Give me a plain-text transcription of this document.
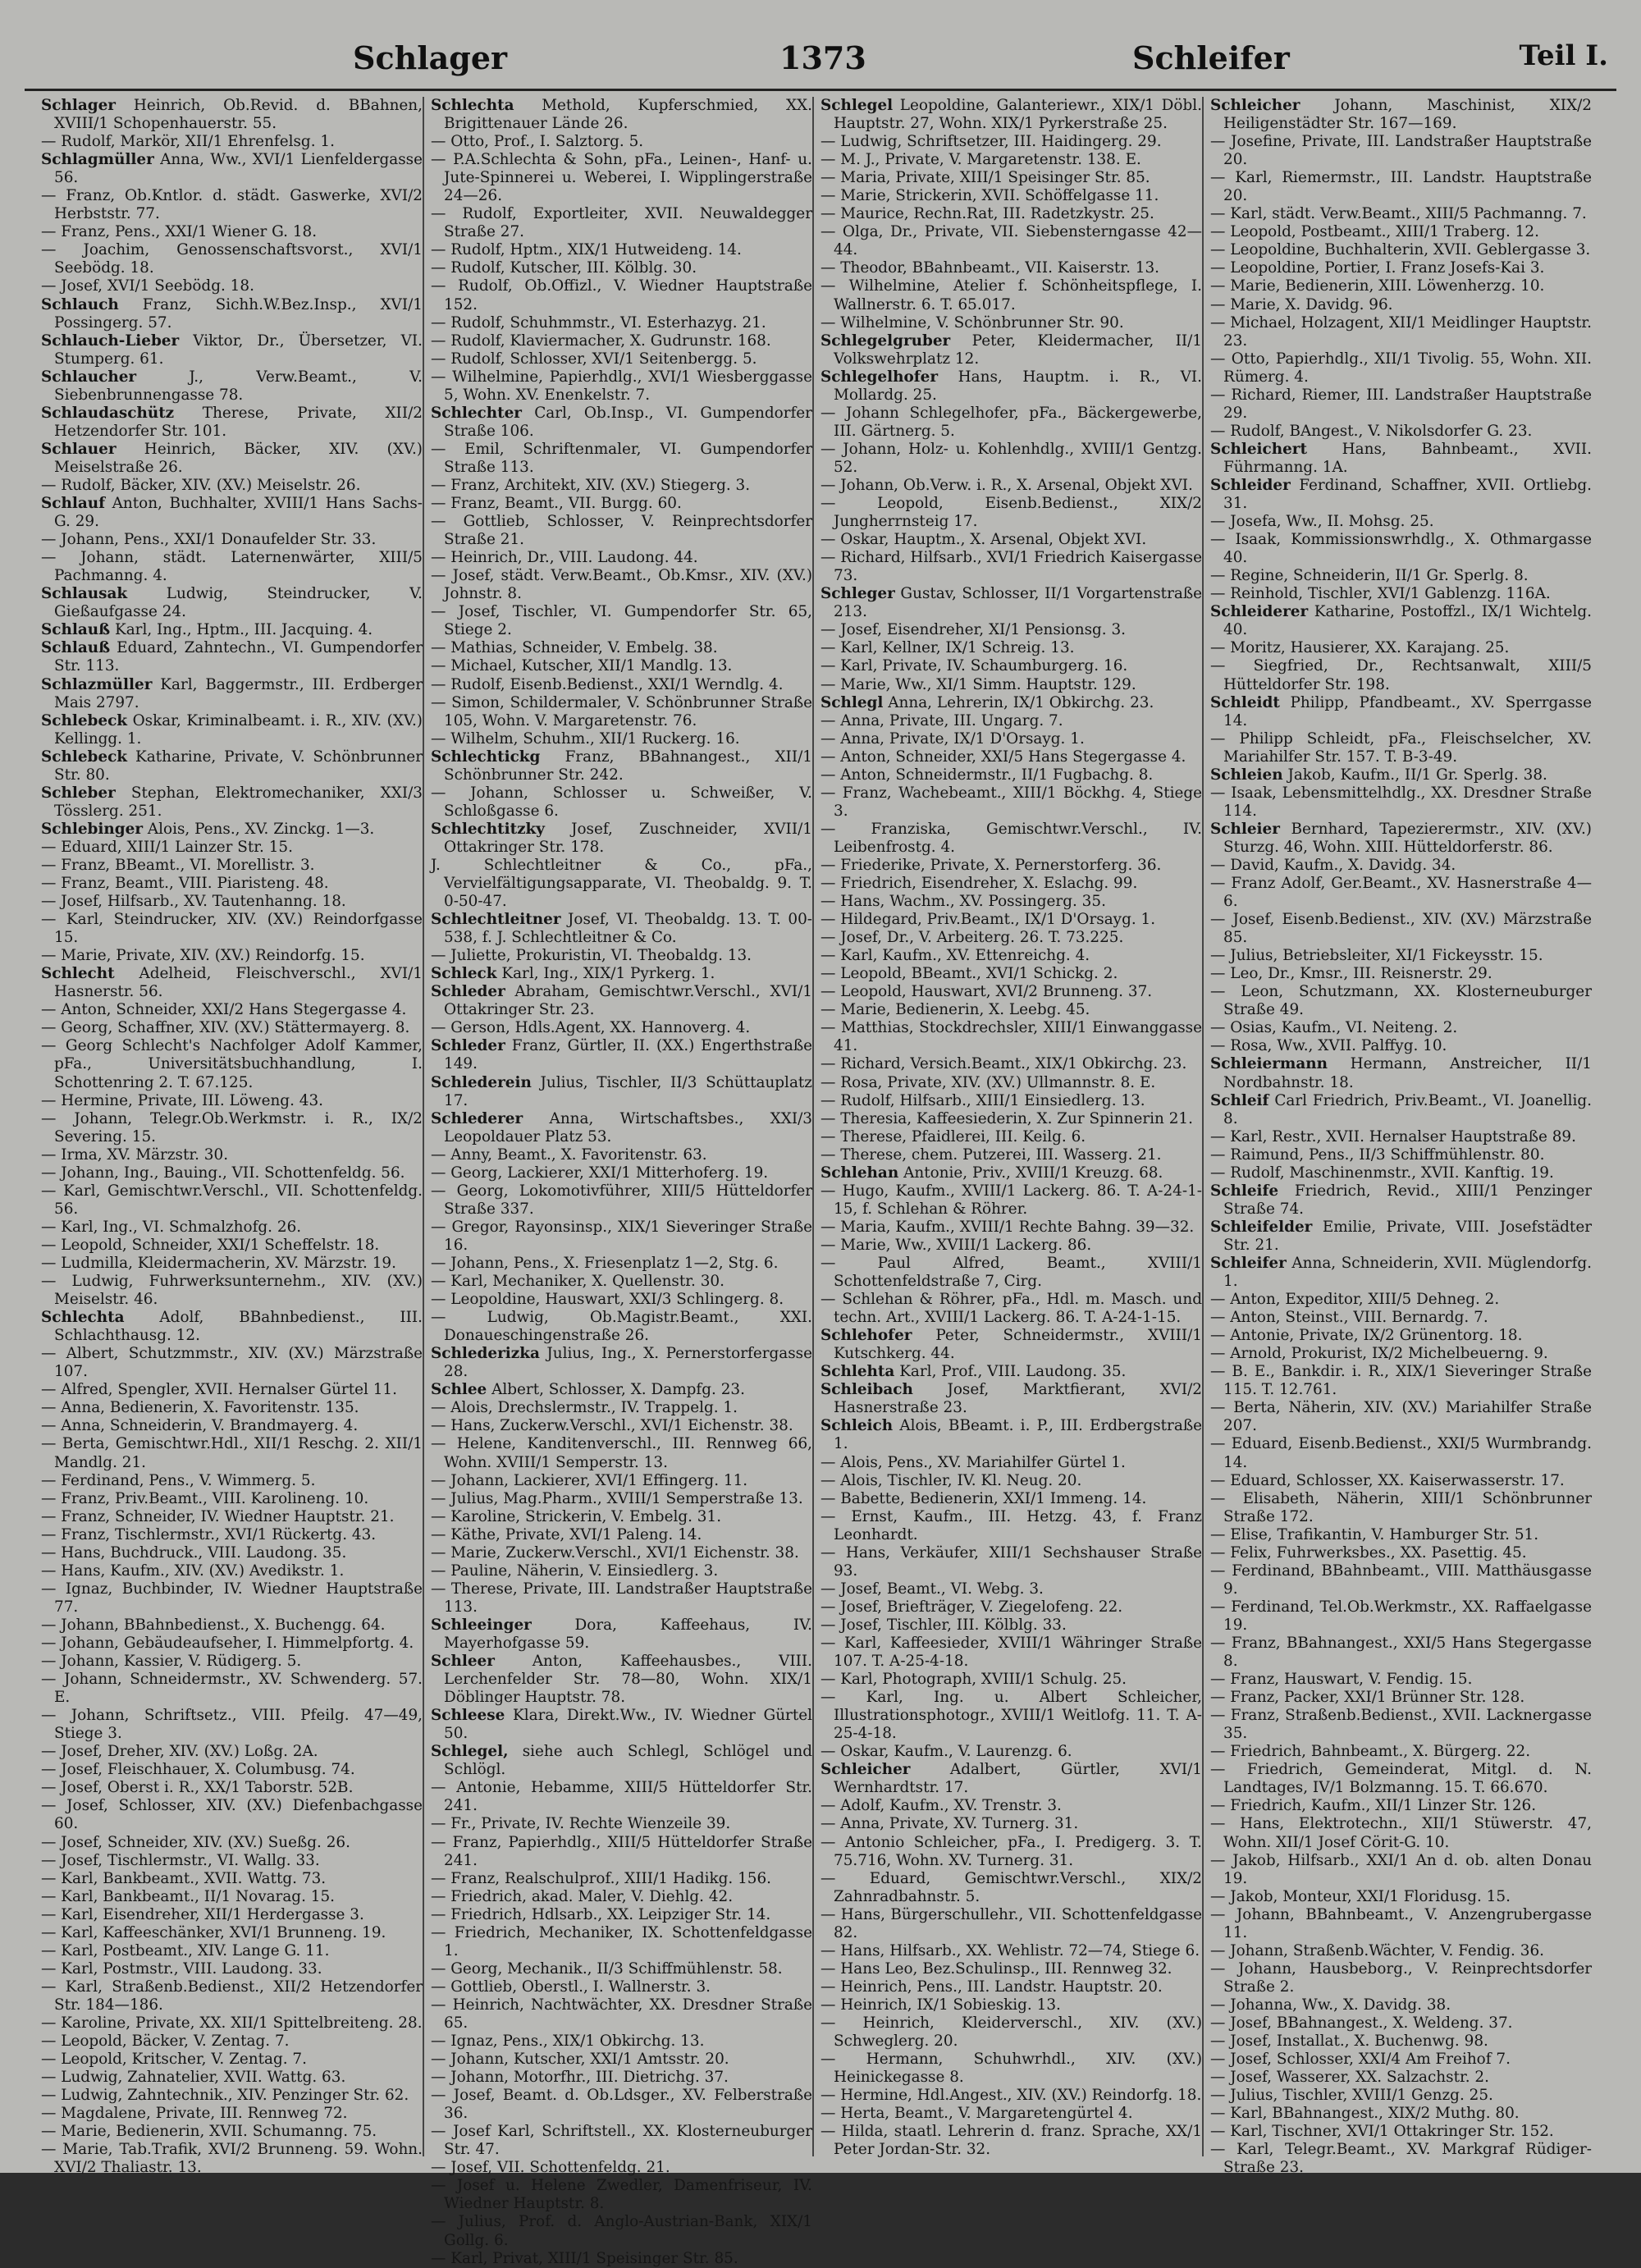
Schlager	1373	Schleifer	Teil I.

Schlager Heinrich, Ob.Revid. d. BBahnen, XVIII/1 Schopenhauerstr. 55.

— Rudolf, Markör, XII/1 Ehrenfelsg. 1.

Schlagmüller Anna, Ww., XVI/1 Lienfeldergasse 56.

— Franz, Ob.Kntlor. d. städt. Gaswerke, XVI/2 Herbststr. 77.

— Franz, Pens., XXI/1 Wiener G. 18.

— Joachim, Genossenschaftsvorst., XVI/1 Seebödg. 18.

— Josef, XVI/1 Seebödg. 18.

Schlauch Franz, Sichh.W.Bez.Insp., XVI/1 Possingerg. 57.

Schlauch-Lieber Viktor, Dr., Übersetzer, VI. Stumperg. 61.

Schlaucher	J., Verw.Beamt., V. Siebenbrunnengasse 78.

Schlaudaschütz Therese, Private, XII/2 Hetzendorfer Str. 101.

Schlauer Heinrich, Bäcker, XIV. (XV.) Meiselstraße 26.

— Rudolf, Bäcker, XIV. (XV.) Meiselstr. 26.

Schlauf Anton, Buchhalter, XVIII/1 Hans Sachs-G. 29.

— Johann, Pens., XXI/1 Donaufelder Str. 33.

— Johann, städt. Laternenwärter, XIII/5 Pachmanng. 4.

Schlausak	Ludwig, Steindrucker, V. Gießaufgasse 24.

Schlauß Karl, Ing., Hptm., III. Jacquing. 4.

Schlauß Eduard, Zahntechn., VI. Gumpendorfer Str. 113.

Schlazmüller Karl, Baggermstr., III. Erdberger Mais 2797.

Schlebeck Oskar, Kriminalbeamt. i. R., XIV. (XV.) Kellingg. 1.

Schlebeck Katharine, Private, V. Schönbrunner Str. 80.

Schleber Stephan, Elektromechaniker, XXI/3 Tösslerg. 251.

Schlebinger Alois, Pens., XV. Zinckg. 1—3.

— Eduard, XIII/1 Lainzer Str. 15.

— Franz, BBeamt., VI. Morellistr. 3.

— Franz, Beamt., VIII. Piaristeng. 48.

— Josef, Hilfsarb., XV. Tautenhanng. 18.

— Karl, Steindrucker, XIV. (XV.) Reindorfgasse 15.

— Marie, Private, XIV. (XV.) Reindorfg. 15.

Schlecht Adelheid, Fleischverschl., XVI/1 Hasnerstr. 56.

— Anton, Schneider, XXI/2 Hans Stegergasse 4.

— Georg, Schaffner, XIV. (XV.) Stättermayerg. 8.

— Georg Schlecht's Nachfolger Adolf Kammer, pFa., Universitätsbuchhandlung, I. Schottenring 2. T. 67.125.

— Hermine, Private, III. Löweng. 43.

— Johann, Telegr.Ob.Werkmstr. i. R., IX/2 Severing. 15.

— Irma, XV. Märzstr. 30.

— Johann, Ing., Bauing., VII. Schottenfeldg. 56.

— Karl, Gemischtwr.Verschl., VII. Schottenfeldg. 56.

— Karl, Ing., VI. Schmalzhofg. 26.

— Leopold, Schneider, XXI/1 Scheffelstr. 18.

— Ludmilla, Kleidermacherin, XV. Märzstr. 19.

— Ludwig, Fuhrwerksunternehm., XIV. (XV.) Meiselstr. 46.

Schlechta Adolf, BBahnbedienst., III. Schlachthausg. 12.

— Albert, Schutzmmstr., XIV. (XV.) Märzstraße 107.

— Alfred, Spengler, XVII. Hernalser Gürtel 11.

— Anna, Bedienerin, X. Favoritenstr. 135.

— Anna, Schneiderin, V. Brandmayerg. 4.

— Berta, Gemischtwr.Hdl., XII/1 Reschg. 2. XII/1 Mandlg. 21.

— Ferdinand, Pens., V. Wimmerg. 5.

— Franz, Priv.Beamt., VIII. Karolineng. 10.

— Franz, Schneider, IV. Wiedner Hauptstr. 21.

— Franz, Tischlermstr., XVI/1 Rückertg. 43.

— Hans, Buchdruck., VIII. Laudong. 35.

— Hans, Kaufm., XIV. (XV.) Avedikstr. 1.

— Ignaz, Buchbinder, IV. Wiedner Hauptstraße 77.

— Johann, BBahnbedienst., X. Buchengg. 64.

— Johann, Gebäudeaufseher, I. Himmelpfortg. 4.

— Johann, Kassier, V. Rüdigerg. 5.

— Johann, Schneidermstr., XV. Schwenderg. 57. E.

— Johann, Schriftsetz., VIII. Pfeilg. 47—49, Stiege 3.

— Josef, Dreher, XIV. (XV.) Loßg. 2A.

— Josef, Fleischhauer, X. Columbusg. 74.

— Josef, Oberst i. R., XX/1 Taborstr. 52B.

— Josef, Schlosser, XIV. (XV.) Diefenbachgasse 60.

— Josef, Schneider, XIV. (XV.) Sueßg. 26.

— Josef, Tischlermstr., VI. Wallg. 33.

— Karl, Bankbeamt., XVII. Wattg. 73.

— Karl, Bankbeamt., II/1 Novarag. 15.

— Karl, Eisendreher, XII/1 Herdergasse 3.

— Karl, Kaffeeschänker, XVI/1 Brunneng. 19.

— Karl, Postbeamt., XIV. Lange G. 11.

— Karl, Postmstr., VIII. Laudong. 33.

— Karl, Straßenb.Bedienst., XII/2 Hetzendorfer Str. 184—186.

— Karoline, Private, XX. XII/1 Spittelbreiteng. 28.

— Leopold, Bäcker, V. Zentag. 7.

— Leopold, Kritscher, V. Zentag. 7.

— Ludwig, Zahnatelier, XVII. Wattg. 63.

— Ludwig, Zahntechnik., XIV. Penzinger Str. 62.

— Magdalene, Private, III. Rennweg 72.

— Marie, Bedienerin, XVII. Schumanng. 75.

— Marie, Tab.Trafik, XVI/2 Brunneng. 59. Wohn. XVI/2 Thaliastr. 13.

Schlechta Methold, Kupferschmied, XX. Brigittenauer Lände 26.

— Otto, Prof., I. Salztorg. 5.

— P.A.Schlechta & Sohn, pFa., Leinen-, Hanf- u. Jute-Spinnerei u. Weberei, I. Wipplingerstraße 24—26.

— Rudolf, Exportleiter, XVII. Neuwaldegger Straße 27.

— Rudolf, Hptm., XIX/1 Hutweideng. 14.

— Rudolf, Kutscher, III. Kölblg. 30.

— Rudolf, Ob.Offizl., V. Wiedner Hauptstraße 152.

— Rudolf, Schuhmmstr., VI. Esterhazyg. 21.

— Rudolf, Klaviermacher, X. Gudrunstr. 168.

— Rudolf, Schlosser, XVI/1 Seitenbergg. 5.

— Wilhelmine, Papierhdlg., XVI/1 Wiesberggasse 5, Wohn. XV. Enenkelstr. 7.

Schlechter Carl, Ob.Insp., VI. Gumpendorfer Straße 106.

— Emil, Schriftenmaler, VI. Gumpendorfer Straße 113.

— Franz, Architekt, XIV. (XV.) Stiegerg. 3.

— Franz, Beamt., VII. Burgg. 60.

— Gottlieb, Schlosser, V. Reinprechtsdorfer Straße 21.

— Heinrich, Dr., VIII. Laudong. 44.

— Josef, städt. Verw.Beamt., Ob.Kmsr., XIV. (XV.) Johnstr. 8.

— Josef, Tischler, VI. Gumpendorfer Str. 65, Stiege 2.

— Mathias, Schneider, V. Embelg. 38.

— Michael, Kutscher, XII/1 Mandlg. 13.

— Rudolf, Eisenb.Bedienst., XXI/1 Werndlg. 4.

— Simon, Schildermaler, V. Schönbrunner Straße 105, Wohn. V. Margaretenstr. 76.

— Wilhelm, Schuhm., XII/1 Ruckerg. 16.

Schlechtickg Franz, BBahnangest., XII/1 Schönbrunner Str. 242.

— Johann, Schlosser u. Schweißer, V. Schloßgasse 6.

Schlechtitzky Josef, Zuschneider, XVII/1 Ottakringer Str. 178.

J. Schlechtleitner & Co., pFa., Vervielfältigungsapparate, VI. Theobaldg. 9. T. 0-50-47.

Schlechtleitner Josef, VI. Theobaldg. 13. T. 00-538, f. J. Schlechtleitner & Co.

— Juliette, Prokuristin, VI. Theobaldg. 13.

Schleck Karl, Ing., XIX/1 Pyrkerg. 1.

Schleder Abraham, Gemischtwr.Verschl., XVI/1 Ottakringer Str. 23.

— Gerson, Hdls.Agent, XX. Hannoverg. 4.

Schleder Franz, Gürtler, II. (XX.) Engerthstraße 149.

Schlederein Julius, Tischler, II/3 Schüttauplatz 17.

Schlederer Anna, Wirtschaftsbes., XXI/3 Leopoldauer Platz 53.

— Anny, Beamt., X. Favoritenstr. 63.

— Georg, Lackierer, XXI/1 Mitterhoferg. 19.

— Georg, Lokomotivführer, XIII/5 Hütteldorfer Straße 337.

— Gregor, Rayonsinsp., XIX/1 Sieveringer Straße 16.

— Johann, Pens., X. Friesenplatz 1—2, Stg. 6.

— Karl, Mechaniker, X. Quellenstr. 30.

— Leopoldine, Hauswart, XXI/3 Schlingerg. 8.

— Ludwig, Ob.Magistr.Beamt., XXI. Donaueschingenstraße 26.

Schlederizka Julius, Ing., X. Pernerstorfergasse 28.

Schlee Albert, Schlosser, X. Dampfg. 23.

— Alois, Drechslermstr., IV. Trappelg. 1.

— Hans, Zuckerw.Verschl., XVI/1 Eichenstr. 38.

— Helene, Kanditenverschl., III. Rennweg 66, Wohn. XVIII/1 Semperstr. 13.

— Johann, Lackierer, XVI/1 Effingerg. 11.

— Julius, Mag.Pharm., XVIII/1 Semperstraße 13.

— Karoline, Strickerin, V. Embelg. 31.

— Käthe, Private, XVI/1 Paleng. 14.

— Marie, Zuckerw.Verschl., XVI/1 Eichenstr. 38.

— Pauline, Näherin, V. Einsiedlerg. 3.

— Therese, Private, III. Landstraßer Hauptstraße 113.

Schleeinger	Dora, Kaffeehaus, IV. Mayerhofgasse 59.

Schleer Anton, Kaffeehausbes., VIII. Lerchenfelder Str. 78—80, Wohn. XIX/1 Döblinger Hauptstr. 78.

Schleese Klara, Direkt.Ww., IV. Wiedner Gürtel 50.

Schlegel, siehe auch Schlegl, Schlögel und Schlögl.

— Antonie, Hebamme, XIII/5 Hütteldorfer Str. 241.

— Fr., Private, IV. Rechte Wienzeile 39.

— Franz, Papierhdlg., XIII/5 Hütteldorfer Straße 241.

— Franz, Realschulprof., XIII/1 Hadikg. 156.

— Friedrich, akad. Maler, V. Diehlg. 42.

— Friedrich, Hdlsarb., XX. Leipziger Str. 14.

— Friedrich, Mechaniker, IX. Schottenfeldgasse 1.

— Georg, Mechanik., II/3 Schiffmühlenstr. 58.

— Gottlieb, Oberstl., I. Wallnerstr. 3.

— Heinrich, Nachtwächter, XX. Dresdner Straße 65.

— Ignaz, Pens., XIX/1 Obkirchg. 13.

— Johann, Kutscher, XXI/1 Amtsstr. 20.

— Johann, Motorfhr., III. Dietrichg. 37.

— Josef, Beamt. d. Ob.Ldsger., XV. Felberstraße 36.

— Josef Karl, Schriftstell., XX. Klosterneuburger Str. 47.

— Josef, VII. Schottenfeldg. 21.

— Josef u. Helene Zwedler, Damenfriseur, IV. Wiedner Hauptstr. 8.

— Julius, Prof. d. Anglo-Austrian-Bank, XIX/1 Gollg. 6.

— Karl, Privat, XIII/1 Speisinger Str. 85.

Schlegel Leopoldine, Galanteriewr., XIX/1 Döbl. Hauptstr. 27, Wohn. XIX/1 Pyrkerstraße 25.

— Ludwig, Schriftsetzer, III. Haidingerg. 29.

— M. J., Private, V. Margaretenstr. 138. E.

— Maria, Private, XIII/1 Speisinger Str. 85.

— Marie, Strickerin, XVII. Schöffelgasse 11.

— Maurice, Rechn.Rat, III. Radetzkystr. 25.

— Olga, Dr., Private, VII. Siebensterngasse 42—44.

— Theodor, BBahnbeamt., VII. Kaiserstr. 13.

— Wilhelmine, Atelier f. Schönheitspflege, I. Wallnerstr. 6. T. 65.017.

— Wilhelmine, V. Schönbrunner Str. 90.

Schlegelgruber Peter, Kleidermacher, II/1 Volkswehrplatz 12.

Schlegelhofer Hans, Hauptm. i. R., VI. Mollardg. 25.

— Johann Schlegelhofer, pFa., Bäckergewerbe, III. Gärtnerg. 5.

— Johann, Holz- u. Kohlenhdlg., XVIII/1 Gentzg. 52.

— Johann, Ob.Verw. i. R., X. Arsenal, Objekt XVI.

— Leopold, Eisenb.Bedienst., XIX/2 Jungherrnsteig 17.

— Oskar, Hauptm., X. Arsenal, Objekt XVI.

— Richard, Hilfsarb., XVI/1 Friedrich Kaisergasse 73.

Schleger Gustav, Schlosser, II/1 Vorgartenstraße 213.

— Josef, Eisendreher, XI/1 Pensionsg. 3.

— Karl, Kellner, IX/1 Schreig. 13.

— Karl, Private, IV. Schaumburgerg. 16.

— Marie, Ww., XI/1 Simm. Hauptstr. 129.

Schlegl Anna, Lehrerin, IX/1 Obkirchg. 23.

— Anna, Private, III. Ungarg. 7.

— Anna, Private, IX/1 D'Orsayg. 1.

— Anton, Schneider, XXI/5 Hans Stegergasse 4.

— Anton, Schneidermstr., II/1 Fugbachg. 8.

— Franz, Wachebeamt., XIII/1 Böckhg. 4, Stiege 3.

— Franziska, Gemischtwr.Verschl., IV. Leibenfrostg. 4.

— Friederike, Private, X. Pernerstorferg. 36.

— Friedrich, Eisendreher, X. Eslachg. 99.

— Hans, Wachm., XV. Possingerg. 35.

— Hildegard, Priv.Beamt., IX/1 D'Orsayg. 1.

— Josef, Dr., V. Arbeiterg. 26. T. 73.225.

— Karl, Kaufm., XV. Ettenreichg. 4.

— Leopold, BBeamt., XVI/1 Schickg. 2.

— Leopold, Hauswart, XVI/2 Brunneng. 37.

— Marie, Bedienerin, X. Leebg. 45.

— Matthias, Stockdrechsler, XIII/1 Einwanggasse 41.

— Richard, Versich.Beamt., XIX/1 Obkirchg. 23.

— Rosa, Private, XIV. (XV.) Ullmannstr. 8. E.

— Rudolf, Hilfsarb., XIII/1 Einsiedlerg. 13.

— Theresia, Kaffeesiederin, X. Zur Spinnerin 21.

— Therese, Pfaidlerei, III. Keilg. 6.

— Therese, chem. Putzerei, III. Wasserg. 21.

Schlehan Antonie, Priv., XVIII/1 Kreuzg. 68.

— Hugo, Kaufm., XVIII/1 Lackerg. 86. T. A-24-1-15, f. Schlehan & Röhrer.

— Maria, Kaufm., XVIII/1 Rechte Bahng. 39—32.

— Marie, Ww., XVIII/1 Lackerg. 86.

— Paul Alfred, Beamt., XVIII/1 Schottenfeldstraße 7, Cirg.

— Schlehan & Röhrer, pFa., Hdl. m. Masch. und techn. Art., XVIII/1 Lackerg. 86. T. A-24-1-15.

Schlehofer Peter, Schneidermstr., XVIII/1 Kutschkerg. 44.

Schlehta Karl, Prof., VIII. Laudong. 35.

Schleibach Josef, Marktfierant, XVI/2 Hasnerstraße 23.

Schleich Alois, BBeamt. i. P., III. Erdbergstraße 1.

— Alois, Pens., XV. Mariahilfer Gürtel 1.

— Alois, Tischler, IV. Kl. Neug. 20.

— Babette, Bedienerin, XXI/1 Immeng. 14.

— Ernst, Kaufm., III. Hetzg. 43, f. Franz Leonhardt.

— Hans, Verkäufer, XIII/1 Sechshauser Straße 93.

— Josef, Beamt., VI. Webg. 3.

— Josef, Briefträger, V. Ziegelofeng. 22.

— Josef, Tischler, III. Kölblg. 33.

— Karl, Kaffeesieder, XVIII/1 Währinger Straße 107. T. A-25-4-18.

— Karl, Photograph, XVIII/1 Schulg. 25.

— Karl, Ing. u. Albert Schleicher, Illustrationsphotogr., XVIII/1 Weitlofg. 11. T. A-25-4-18.

— Oskar, Kaufm., V. Laurenzg. 6.

Schleicher	Adalbert, Gürtler, XVI/1 Wernhardtstr. 17.

— Adolf, Kaufm., XV. Trenstr. 3.

— Anna, Private, XV. Turnerg. 31.

— Antonio Schleicher, pFa., I. Predigerg. 3. T. 75.716, Wohn. XV. Turnerg. 31.

— Eduard, Gemischtwr.Verschl., XIX/2 Zahnradbahnstr. 5.

— Hans, Bürgerschullehr., VII. Schottenfeldgasse 82.

— Hans, Hilfsarb., XX. Wehlistr. 72—74, Stiege 6.

— Hans Leo, Bez.Schulinsp., III. Rennweg 32.

— Heinrich, Pens., III. Landstr. Hauptstr. 20.

— Heinrich, IX/1 Sobieskig. 13.

— Heinrich, Kleiderverschl., XIV. (XV.) Schweglerg. 20.

— Hermann, Schuhwrhdl., XIV. (XV.) Heinickegasse 8.

— Hermine, Hdl.Angest., XIV. (XV.) Reindorfg. 18.

— Herta, Beamt., V. Margaretengürtel 4.

— Hilda, staatl. Lehrerin d. franz. Sprache, XX/1 Peter Jordan-Str. 32.

Schleicher Johann, Maschinist, XIX/2 Heiligenstädter Str. 167—169.

— Josefine, Private, III. Landstraßer Hauptstraße 20.

— Karl, Riemermstr., III. Landstr. Hauptstraße 20.

— Karl, städt. Verw.Beamt., XIII/5 Pachmanng. 7.

— Leopold, Postbeamt., XIII/1 Traberg. 12.

— Leopoldine, Buchhalterin, XVII. Geblergasse 3.

— Leopoldine, Portier, I. Franz Josefs-Kai 3.

— Marie, Bedienerin, XIII. Löwenherzg. 10.

— Marie, X. Davidg. 96.

— Michael, Holzagent, XII/1 Meidlinger Hauptstr. 23.

— Otto, Papierhdlg., XII/1 Tivolig. 55, Wohn. XII. Rümerg. 4.

— Richard, Riemer, III. Landstraßer Hauptstraße 29.

— Rudolf, BAngest., V. Nikolsdorfer G. 23.

Schleichert Hans, Bahnbeamt., XVII. Führmanng. 1A.

Schleider Ferdinand, Schaffner, XVII. Ortliebg. 31.

— Josefa, Ww., II. Mohsg. 25.

— Isaak, Kommissionswrhdlg., X. Othmargasse 40.

— Regine, Schneiderin, II/1 Gr. Sperlg. 8.

— Reinhold, Tischler, XVI/1 Gablenzg. 116A.

Schleiderer Katharine, Postoffzl., IX/1 Wichtelg. 40.

— Moritz, Hausierer, XX. Karajang. 25.

— Siegfried, Dr., Rechtsanwalt, XIII/5 Hütteldorfer Str. 198.

Schleidt Philipp, Pfandbeamt., XV. Sperrgasse 14.

— Philipp Schleidt, pFa., Fleischselcher, XV. Mariahilfer Str. 157. T. B-3-49.

Schleien Jakob, Kaufm., II/1 Gr. Sperlg. 38.

— Isaak, Lebensmittelhdlg., XX. Dresdner Straße 114.

Schleier Bernhard, Tapezierermstr., XIV. (XV.) Sturzg. 46, Wohn. XIII. Hütteldorferstr. 86.

— David, Kaufm., X. Davidg. 34.

— Franz Adolf, Ger.Beamt., XV. Hasnerstraße 4—6.

— Josef, Eisenb.Bedienst., XIV. (XV.) Märzstraße 85.

— Julius, Betriebsleiter, XI/1 Fickeysstr. 15.

— Leo, Dr., Kmsr., III. Reisnerstr. 29.

— Leon, Schutzmann, XX. Klosterneuburger Straße 49.

— Osias, Kaufm., VI. Neiteng. 2.

— Rosa, Ww., XVII. Palffyg. 10.

Schleiermann Hermann, Anstreicher, II/1 Nordbahnstr. 18.

Schleif Carl Friedrich, Priv.Beamt., VI. Joanellig. 8.

— Karl, Restr., XVII. Hernalser Hauptstraße 89.

— Raimund, Pens., II/3 Schiffmühlenstr. 80.

— Rudolf, Maschinenmstr., XVII. Kanftig. 19.

Schleife Friedrich, Revid., XIII/1 Penzinger Straße 74.

Schleifelder Emilie, Private, VIII. Josefstädter Str. 21.

Schleifer Anna, Schneiderin, XVII. Müglendorfg. 1.

— Anton, Expeditor, XIII/5 Dehneg. 2.

— Anton, Steinst., VIII. Bernardg. 7.

— Antonie, Private, IX/2 Grünentorg. 18.

— Arnold, Prokurist, IX/2 Michelbeuerng. 9.

— B. E., Bankdir. i. R., XIX/1 Sieveringer Straße 115. T. 12.761.

— Berta, Näherin, XIV. (XV.) Mariahilfer Straße 207.

— Eduard, Eisenb.Bedienst., XXI/5 Wurmbrandg. 14.

— Eduard, Schlosser, XX. Kaiserwasserstr. 17.

— Elisabeth, Näherin, XIII/1 Schönbrunner Straße 172.

— Elise, Trafikantin, V. Hamburger Str. 51.

— Felix, Fuhrwerksbes., XX. Pasettig. 45.

— Ferdinand, BBahnbeamt., VIII. Matthäusgasse 9.

— Ferdinand, Tel.Ob.Werkmstr., XX. Raffaelgasse 19.

— Franz, BBahnangest., XXI/5 Hans Stegergasse 8.

— Franz, Hauswart, V. Fendig. 15.

— Franz, Packer, XXI/1 Brünner Str. 128.

— Franz, Straßenb.Bedienst., XVII. Lacknergasse 35.

— Friedrich, Bahnbeamt., X. Bürgerg. 22.

— Friedrich, Gemeinderat, Mitgl. d. N. Landtages, IV/1 Bolzmanng. 15. T. 66.670.

— Friedrich, Kaufm., XII/1 Linzer Str. 126.

— Hans, Elektrotechn., XII/1 Stüwerstr. 47, Wohn. XII/1 Josef Cörit-G. 10.

— Jakob, Hilfsarb., XXI/1 An d. ob. alten Donau 19.

— Jakob, Monteur, XXI/1 Floridusg. 15.

— Johann, BBahnbeamt., V. Anzengrubergasse 11.

— Johann, Straßenb.Wächter, V. Fendig. 36.

— Johann, Hausbeborg., V. Reinprechtsdorfer Straße 2.

— Johanna, Ww., X. Davidg. 38.

— Josef, BBahnangest., X. Weldeng. 37.

— Josef, Installat., X. Buchenwg. 98.

— Josef, Schlosser, XXI/4 Am Freihof 7.

— Josef, Wasserer, XX. Salzachstr. 2.

— Julius, Tischler, XVIII/1 Genzg. 25.

— Karl, BBahnangest., XIX/2 Muthg. 80.

— Karl, Tischner, XVI/1 Ottakringer Str. 152.

— Karl, Telegr.Beamt., XV. Markgraf Rüdiger-Straße 23.
